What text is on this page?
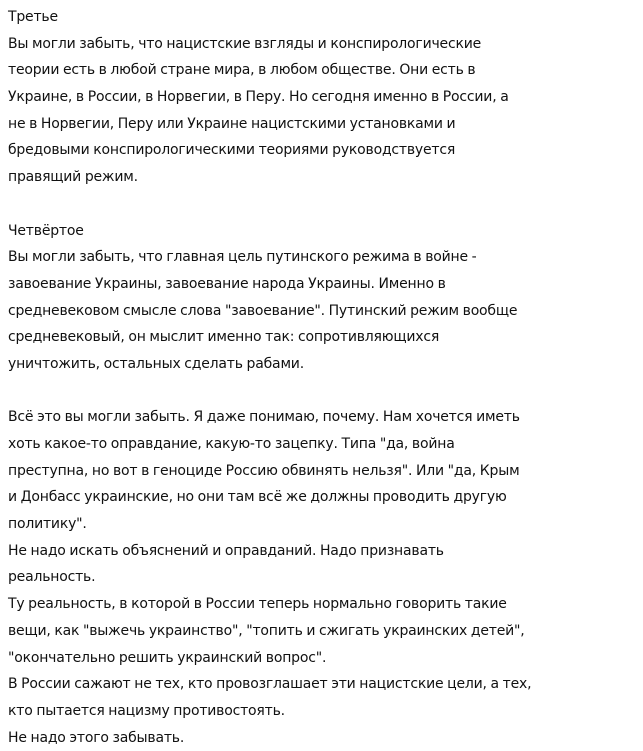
Третье
Вы могли забыть, что нацистские взгляды и конспирологические
теории есть в любой стране мира, в любом обществе. Они есть в
Украине, в России, в Норвегии, в Перу. Но сегодня именно в России, а
не в Норвегии, Перу или Украине нацистскими установками и
бредовыми конспирологическими теориями руководствуется
правящий режим.
Четвёртое
Вы могли забыть, что главная цель путинского режима в войне -
завоевание Украины, завоевание народа Украины. Именно в
средневековом смысле слова "завоевание". Путинский режим вообще
средневековый, он мыслит именно так: сопротивляющихся
уничтожить, остальных сделать рабами.
Всё это вы могли забыть. Я даже понимаю, почему. Нам хочется иметь
хоть какое-то оправдание, какую-то зацепку. Типа "да, война
преступна, но вот в геноциде Россию обвинять нельзя". Или "да, Крым
и Донбасс украинские, но они там всё же должны проводить другую
политику".
Не надо искать объяснений и оправданий. Надо признавать
реальность.
Ту реальность, в которой в России теперь нормально говорить такие
вещи, как "выжечь украинство", "топить и сжигать украинских детей",
"окончательно решить украинский вопрос".
В России сажают не тех, кто провозглашает эти нацистские цели, а тех,
кто пытается нацизму противостоять.
Не надо этого забывать.
